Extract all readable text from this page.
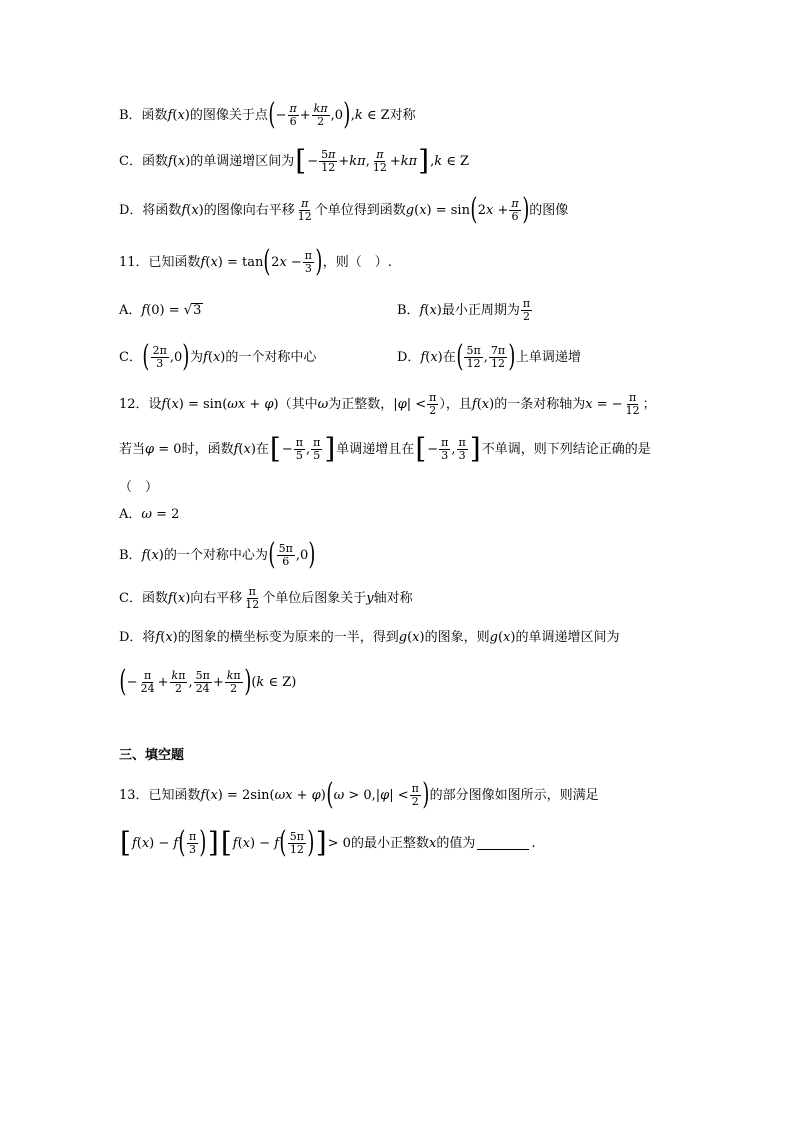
B．函数 f ( x ) 的图像关于点 ( − $\frac{\pi}{6} + \frac{k\pi}{2} ,0$ ) ,k ∈ Z 对称
C．函数 f (x) 的单调递增区间为 [ − $\frac{5\pi}{12} +k\pi$, $\frac{\pi}{12} +k\pi$ ] ,k ∈ Z
D．将函数 f (x) 的图像向右平移 $\frac{\pi}{12}$ 个单位得到函数 g(x) = sin ( $2x + \frac{\pi}{6}$ ) 的图像
11．已知函数 f(x) = tan ( $2x - \frac{\pi}{3}$ ) ，则（　）.
A． f(0) = √3	B． f(x) 最小正周期为 $\frac{\pi}{2}$
C． ( $\frac{2\pi}{3} ,0$ ) 为 f(x) 的一个对称中心	D． f(x) 在 ( $\frac{5\pi}{12}$ , $\frac{7\pi}{12}$ ) 上单调递增
12．设 f(x) = sin(ωx + φ) （其中 ω 为正整数， $|\varphi| < \frac{\pi}{2}$ ），且 f(x) 的一条对称轴为 x = − $\frac{\pi}{12}$ ；
若当 φ = 0 时，函数 f(x) 在 [ − $\frac{\pi}{5}$ , $\frac{\pi}{5}$ ] 单调递增且在 [ − $\frac{\pi}{3}$ , $\frac{\pi}{3}$ ] 不单调，则下列结论正确的是
（　）
A． ω = 2
B． f(x) 的一个对称中心为 ( $\frac{5\pi}{6} ,0$ )
C．函数 f(x) 向右平移 $\frac{\pi}{12}$ 个单位后图象关于 y 轴对称
D．将 f(x) 的图象的横坐标变为原来的一半，得到 g(x) 的图象，则 g(x) 的单调递增区间为
( − $\frac{\pi}{24} + \frac{k\pi}{2}$ , $\frac{5\pi}{24} + \frac{k\pi}{2}$ ) (k ∈ Z)
三、填空题
13．已知函数 f(x) = 2sin(ωx + φ) ( $\omega > 0,|\varphi| < \frac{\pi}{2}$ ) 的部分图像如图所示，则满足
[ f(x) − f ( $\frac{\pi}{3}$ ) ] [ f(x) − f ( $\frac{5\pi}{12}$ ) ] > 0 的最小正整数 x 的值为	.
